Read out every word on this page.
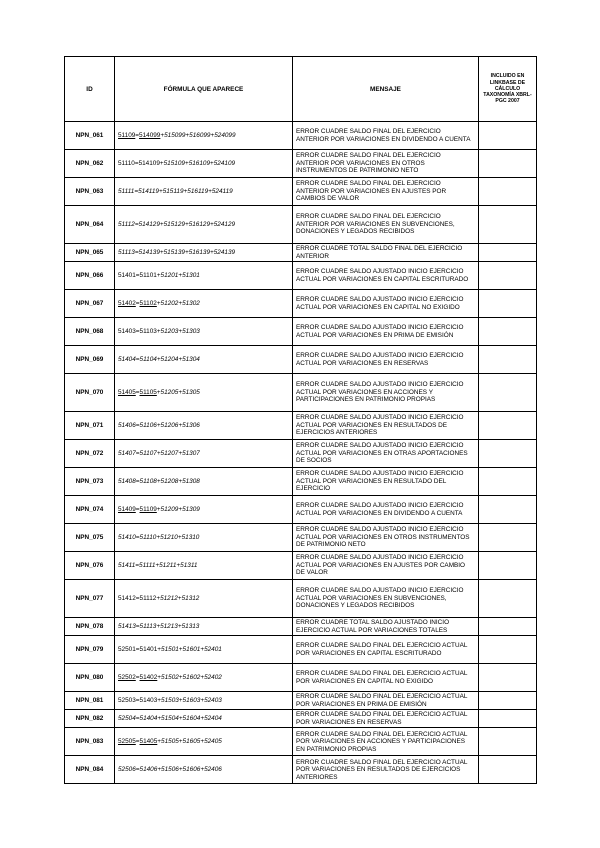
ID	FÓRMULA QUE APARECE	MENSAJE	INCLUIDO EN LINKBASE DE CÁLCULO TAXONOMÍA XBRL-PGC 2007
NPN_061	51109=514099+515099+516099+524099	ERROR CUADRE SALDO FINAL DEL EJERCICIO ANTERIOR POR VARIACIONES EN DIVIDENDO A CUENTA	
NPN_062	51110=514109+515109+516109+524109	ERROR CUADRE SALDO FINAL DEL EJERCICIO ANTERIOR POR VARIACIONES EN OTROS INSTRUMENTOS DE PATRIMONIO NETO	
NPN_063	51111=514119+515119+516119+524119	ERROR CUADRE SALDO FINAL DEL EJERCICIO ANTERIOR POR VARIACIONES EN AJUSTES POR CAMBIOS DE VALOR	
NPN_064	51112=514129+515129+516129+524129	ERROR CUADRE SALDO FINAL DEL EJERCICIO ANTERIOR POR VARIACIONES EN SUBVENCIONES, DONACIONES Y LEGADOS RECIBIDOS	
NPN_065	51113=514139+515139+516139+524139	ERROR CUADRE TOTAL SALDO FINAL DEL EJERCICIO ANTERIOR	
NPN_066	51401=51101+51201+51301	ERROR CUADRE SALDO AJUSTADO INICIO EJERCICIO ACTUAL POR VARIACIONES EN CAPITAL ESCRITURADO	
NPN_067	51402=51102+51202+51302	ERROR CUADRE SALDO AJUSTADO INICIO EJERCICIO ACTUAL POR VARIACIONES EN CAPITAL NO EXIGIDO	
NPN_068	51403=51103+51203+51303	ERROR CUADRE SALDO AJUSTADO INICIO EJERCICIO ACTUAL POR VARIACIONES EN PRIMA DE EMISIÓN	
NPN_069	51404=51104+51204+51304	ERROR CUADRE SALDO AJUSTADO INICIO EJERCICIO ACTUAL POR VARIACIONES EN RESERVAS	
NPN_070	51405=51105+51205+51305	ERROR CUADRE SALDO AJUSTADO INICIO EJERCICIO ACTUAL POR VARIACIONES EN ACCIONES Y PARTICIPACIONES EN PATRIMONIO PROPIAS	
NPN_071	51406=51106+51206+51306	ERROR CUADRE SALDO AJUSTADO INICIO EJERCICIO ACTUAL POR VARIACIONES EN RESULTADOS DE EJERCICIOS ANTERIORES	
NPN_072	51407=51107+51207+51307	ERROR CUADRE SALDO AJUSTADO INICIO EJERCICIO ACTUAL POR VARIACIONES EN OTRAS APORTACIONES DE SOCIOS	
NPN_073	51408=51108+51208+51308	ERROR CUADRE SALDO AJUSTADO INICIO EJERCICIO ACTUAL POR VARIACIONES EN RESULTADO DEL EJERCICIO	
NPN_074	51409=51109+51209+51309	ERROR CUADRE SALDO AJUSTADO INICIO EJERCICIO ACTUAL POR VARIACIONES EN DIVIDENDO A CUENTA	
NPN_075	51410=51110+51210+51310	ERROR CUADRE SALDO AJUSTADO INICIO EJERCICIO ACTUAL POR VARIACIONES EN OTROS INSTRUMENTOS DE PATRIMONIO NETO	
NPN_076	51411=51111+51211+51311	ERROR CUADRE SALDO AJUSTADO INICIO EJERCICIO ACTUAL POR VARIACIONES EN AJUSTES POR CAMBIO DE VALOR	
NPN_077	51412=51112+51212+51312	ERROR CUADRE SALDO AJUSTADO INICIO EJERCICIO ACTUAL POR VARIACIONES EN SUBVENCIONES, DONACIONES Y LEGADOS RECIBIDOS	
NPN_078	51413=51113+51213+51313	ERROR CUADRE TOTAL SALDO AJUSTADO INICIO EJERCICIO ACTUAL POR VARIACIONES TOTALES	
NPN_079	52501=51401+51501+51601+52401	ERROR CUADRE SALDO FINAL DEL EJERCICIO ACTUAL POR VARIACIONES EN CAPITAL ESCRITURADO	
NPN_080	52502=51402+51502+51602+52402	ERROR CUADRE SALDO FINAL DEL EJERCICIO ACTUAL POR VARIACIONES EN CAPITAL NO EXIGIDO	
NPN_081	52503=51403+51503+51603+52403	ERROR CUADRE SALDO FINAL DEL EJERCICIO ACTUAL POR VARIACIONES EN PRIMA DE EMISIÓN	
NPN_082	52504=51404+51504+51604+52404	ERROR CUADRE SALDO FINAL DEL EJERCICIO ACTUAL POR VARIACIONES EN RESERVAS	
NPN_083	52505=51405+51505+51605+52405	ERROR CUADRE SALDO FINAL DEL EJERCICIO ACTUAL POR VARIACIONES EN ACCIONES Y PARTICIPACIONES EN PATRIMONIO PROPIAS	
NPN_084	52506=51406+51506+51606+52406	ERROR CUADRE SALDO FINAL DEL EJERCICIO ACTUAL POR VARIACIONES EN RESULTADOS DE EJERCICIOS ANTERIORES	
